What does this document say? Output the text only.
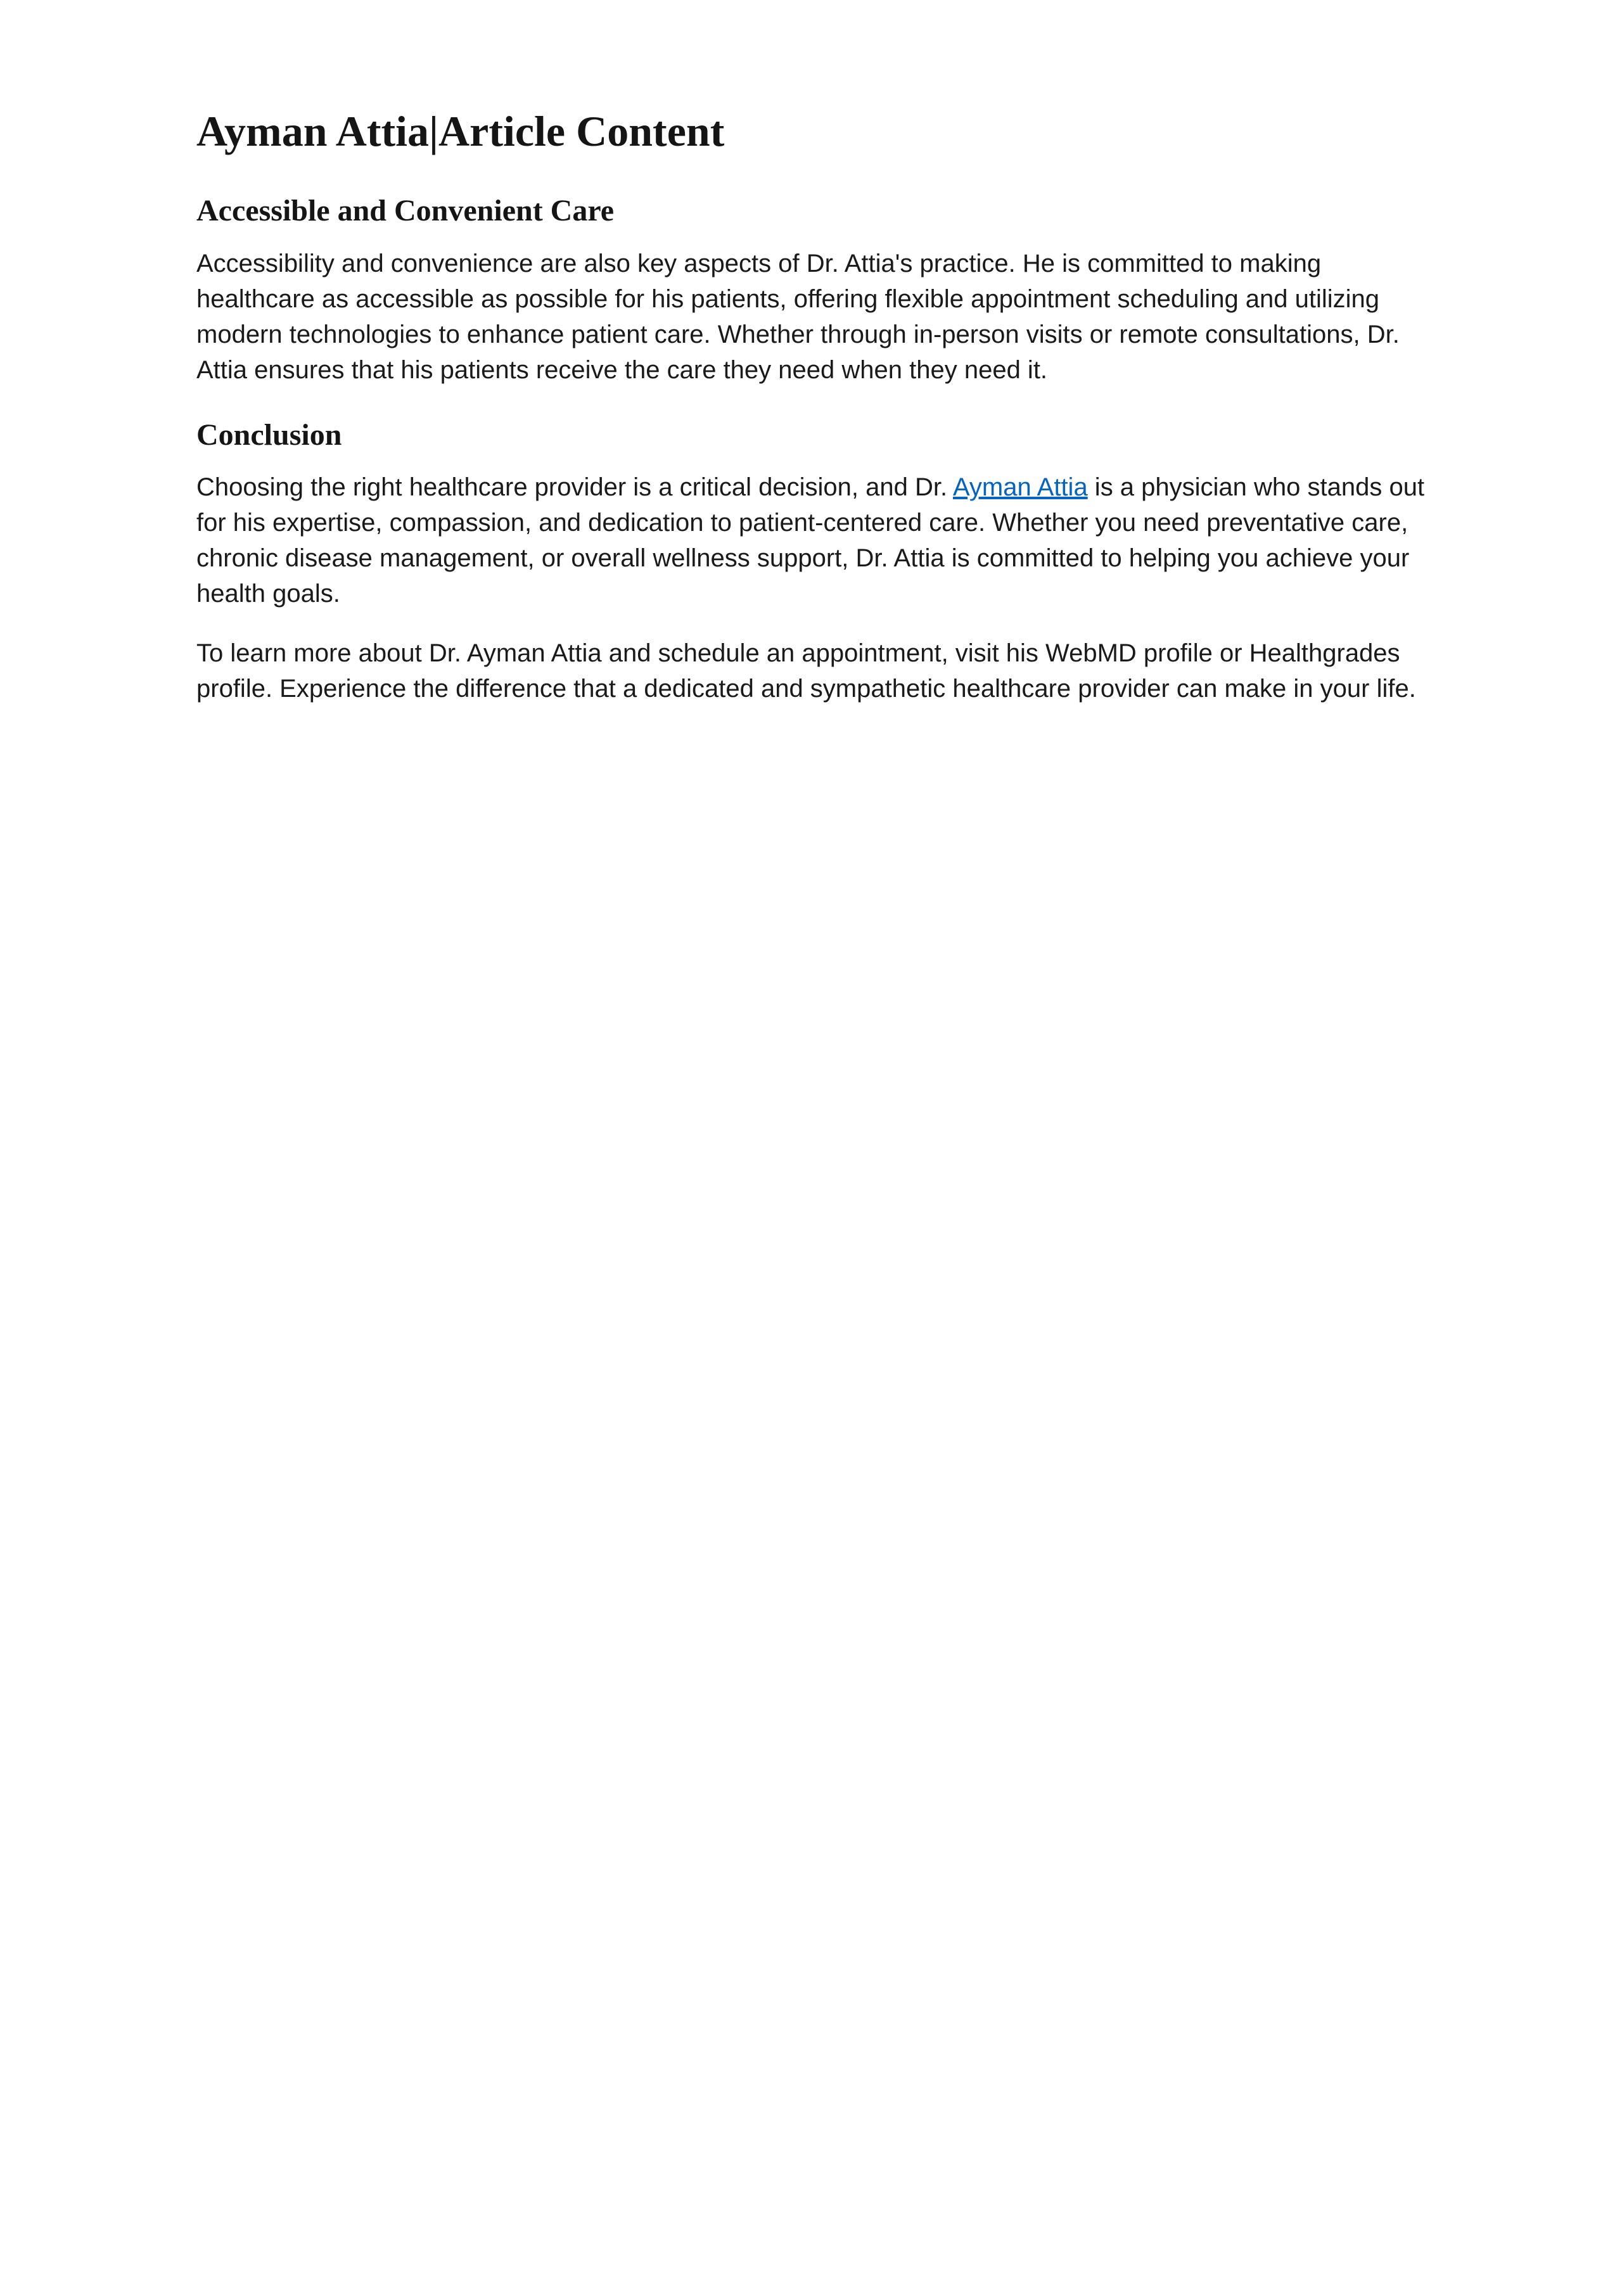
Ayman Attia|Article Content
Accessible and Convenient Care

Accessibility and convenience are also key aspects of Dr. Attia's practice. He is committed to making healthcare as accessible as possible for his patients, offering flexible appointment scheduling and utilizing modern technologies to enhance patient care. Whether through in-person visits or remote consultations, Dr. Attia ensures that his patients receive the care they need when they need it.

Conclusion

Choosing the right healthcare provider is a critical decision, and Dr. Ayman Attia is a physician who stands out for his expertise, compassion, and dedication to patient-centered care. Whether you need preventative care, chronic disease management, or overall wellness support, Dr. Attia is committed to helping you achieve your health goals.

To learn more about Dr. Ayman Attia and schedule an appointment, visit his WebMD profile or Healthgrades profile. Experience the difference that a dedicated and sympathetic healthcare provider can make in your life.
